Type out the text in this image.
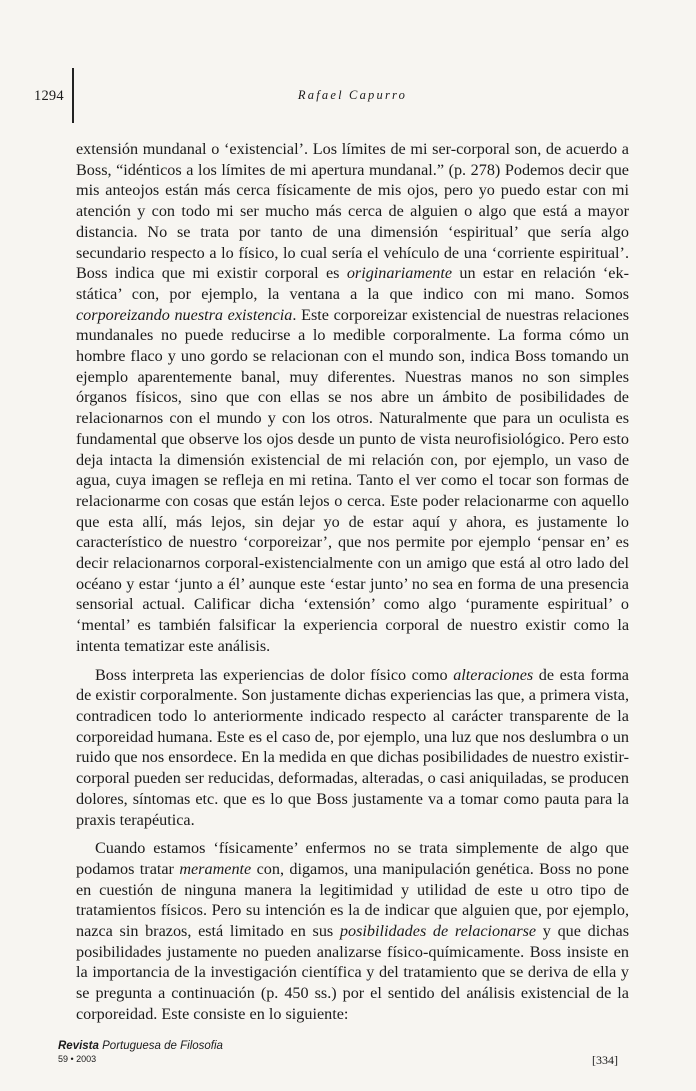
1294	Rafael Capurro

extensión mundanal o ‘existencial’. Los límites de mi ser-corporal son, de acuerdo a Boss, “idénticos a los límites de mi apertura mundanal.” (p. 278) Podemos decir que mis anteojos están más cerca físicamente de mis ojos, pero yo puedo estar con mi atención y con todo mi ser mucho más cerca de alguien o algo que está a mayor distancia. No se trata por tanto de una dimensión ‘espiritual’ que sería algo secundario respecto a lo físico, lo cual sería el vehículo de una ‘corriente espiritual’. Boss indica que mi existir corporal es originariamente un estar en relación ‘ek-stática’ con, por ejemplo, la ventana a la que indico con mi mano. Somos corporeizando nuestra existencia. Este corporeizar existencial de nuestras relaciones mundanales no puede reducirse a lo medible corporalmente. La forma cómo un hombre flaco y uno gordo se relacionan con el mundo son, indica Boss tomando un ejemplo aparentemente banal, muy diferentes. Nuestras manos no son simples órganos físicos, sino que con ellas se nos abre un ámbito de posibilidades de relacionarnos con el mundo y con los otros. Naturalmente que para un oculista es fundamental que observe los ojos desde un punto de vista neurofisiológico. Pero esto deja intacta la dimensión existencial de mi relación con, por ejemplo, un vaso de agua, cuya imagen se refleja en mi retina. Tanto el ver como el tocar son formas de relacionarme con cosas que están lejos o cerca. Este poder relacionarme con aquello que esta allí, más lejos, sin dejar yo de estar aquí y ahora, es justamente lo característico de nuestro ‘corporeizar’, que nos permite por ejemplo ‘pensar en’ es decir relacionarnos corporal-existencialmente con un amigo que está al otro lado del océano y estar ‘junto a él’ aunque este ‘estar junto’ no sea en forma de una presencia sensorial actual. Calificar dicha ‘extensión’ como algo ‘puramente espiritual’ o ‘mental’ es también falsificar la experiencia corporal de nuestro existir como la intenta tematizar este análisis.

Boss interpreta las experiencias de dolor físico como alteraciones de esta forma de existir corporalmente. Son justamente dichas experiencias las que, a primera vista, contradicen todo lo anteriormente indicado respecto al carácter transparente de la corporeidad humana. Este es el caso de, por ejemplo, una luz que nos deslumbra o un ruido que nos ensordece. En la medida en que dichas posibilidades de nuestro existir-corporal pueden ser reducidas, deformadas, alteradas, o casi aniquiladas, se producen dolores, síntomas etc. que es lo que Boss justamente va a tomar como pauta para la praxis terapéutica.

Cuando estamos ‘físicamente’ enfermos no se trata simplemente de algo que podamos tratar meramente con, digamos, una manipulación genética. Boss no pone en cuestión de ninguna manera la legitimidad y utilidad de este u otro tipo de tratamientos físicos. Pero su intención es la de indicar que alguien que, por ejemplo, nazca sin brazos, está limitado en sus posibilidades de relacionarse y que dichas posibilidades justamente no pueden analizarse físico-químicamente. Boss insiste en la importancia de la investigación científica y del tratamiento que se deriva de ella y se pregunta a continuación (p. 450 ss.) por el sentido del análisis existencial de la corporeidad. Este consiste en lo siguiente:

Revista Portuguesa de Filosofia
59 • 2003	[334]
